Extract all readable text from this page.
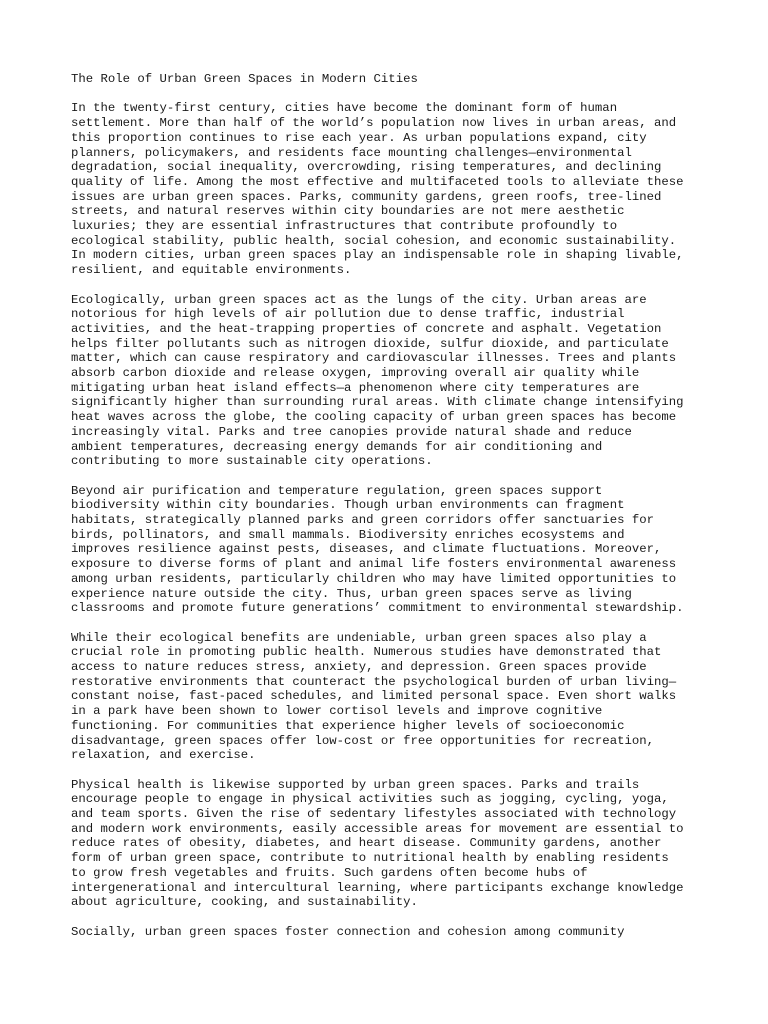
The Role of Urban Green Spaces in Modern Cities

In the twenty-first century, cities have become the dominant form of human
settlement. More than half of the world’s population now lives in urban areas, and
this proportion continues to rise each year. As urban populations expand, city
planners, policymakers, and residents face mounting challenges—environmental
degradation, social inequality, overcrowding, rising temperatures, and declining
quality of life. Among the most effective and multifaceted tools to alleviate these
issues are urban green spaces. Parks, community gardens, green roofs, tree-lined
streets, and natural reserves within city boundaries are not mere aesthetic
luxuries; they are essential infrastructures that contribute profoundly to
ecological stability, public health, social cohesion, and economic sustainability.
In modern cities, urban green spaces play an indispensable role in shaping livable,
resilient, and equitable environments.

Ecologically, urban green spaces act as the lungs of the city. Urban areas are
notorious for high levels of air pollution due to dense traffic, industrial
activities, and the heat-trapping properties of concrete and asphalt. Vegetation
helps filter pollutants such as nitrogen dioxide, sulfur dioxide, and particulate
matter, which can cause respiratory and cardiovascular illnesses. Trees and plants
absorb carbon dioxide and release oxygen, improving overall air quality while
mitigating urban heat island effects—a phenomenon where city temperatures are
significantly higher than surrounding rural areas. With climate change intensifying
heat waves across the globe, the cooling capacity of urban green spaces has become
increasingly vital. Parks and tree canopies provide natural shade and reduce
ambient temperatures, decreasing energy demands for air conditioning and
contributing to more sustainable city operations.

Beyond air purification and temperature regulation, green spaces support
biodiversity within city boundaries. Though urban environments can fragment
habitats, strategically planned parks and green corridors offer sanctuaries for
birds, pollinators, and small mammals. Biodiversity enriches ecosystems and
improves resilience against pests, diseases, and climate fluctuations. Moreover,
exposure to diverse forms of plant and animal life fosters environmental awareness
among urban residents, particularly children who may have limited opportunities to
experience nature outside the city. Thus, urban green spaces serve as living
classrooms and promote future generations’ commitment to environmental stewardship.

While their ecological benefits are undeniable, urban green spaces also play a
crucial role in promoting public health. Numerous studies have demonstrated that
access to nature reduces stress, anxiety, and depression. Green spaces provide
restorative environments that counteract the psychological burden of urban living—
constant noise, fast-paced schedules, and limited personal space. Even short walks
in a park have been shown to lower cortisol levels and improve cognitive
functioning. For communities that experience higher levels of socioeconomic
disadvantage, green spaces offer low-cost or free opportunities for recreation,
relaxation, and exercise.

Physical health is likewise supported by urban green spaces. Parks and trails
encourage people to engage in physical activities such as jogging, cycling, yoga,
and team sports. Given the rise of sedentary lifestyles associated with technology
and modern work environments, easily accessible areas for movement are essential to
reduce rates of obesity, diabetes, and heart disease. Community gardens, another
form of urban green space, contribute to nutritional health by enabling residents
to grow fresh vegetables and fruits. Such gardens often become hubs of
intergenerational and intercultural learning, where participants exchange knowledge
about agriculture, cooking, and sustainability.

Socially, urban green spaces foster connection and cohesion among community
